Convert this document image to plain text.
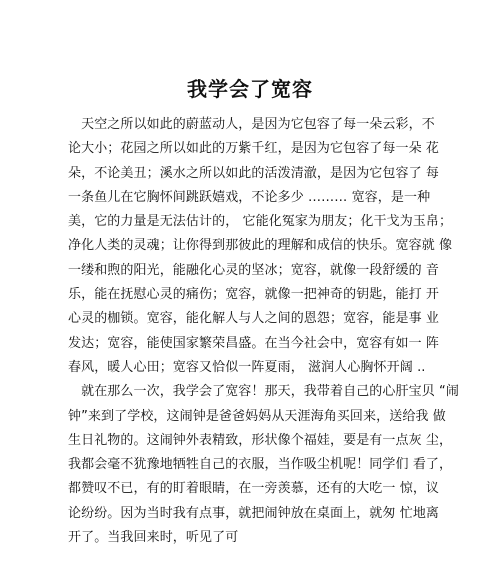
我学会了宽容
　天空之所以如此的蔚蓝动人，是因为它包容了每一朵云彩，不
论大小；花园之所以如此的万紫千红，是因为它包容了每一朵 花
朵，不论美丑；溪水之所以如此的活泼清澈，是因为它包容了 每
一条鱼儿在它胸怀间跳跃嬉戏，不论多少 ……… 宽容，是一种
美，它的力量是无法估计的， 它能化冤家为朋友；化干戈为玉帛；
净化人类的灵魂；让你得到那彼此的理解和成信的快乐。宽容就 像
一缕和煦的阳光，能融化心灵的坚冰；宽容，就像一段舒缓的 音
乐，能在抚慰心灵的痛伤；宽容，就像一把神奇的钥匙，能打 开
心灵的枷锁。宽容，能化解人与人之间的恩怨；宽容，能是事 业
发达；宽容，能使国家繁荣昌盛。在当今社会中，宽容有如一 阵
春风，暖人心田；宽容又恰似一阵夏雨， 滋润人心胸怀开阔 ..
　就在那么一次，我学会了宽容！那天，我带着自己的心肝宝贝 “闹
钟”来到了学校，这闹钟是爸爸妈妈从天涯海角买回来，送给我 做
生日礼物的。这闹钟外表精致，形状像个福娃，要是有一点灰 尘，
我都会毫不犹豫地牺牲自己的衣服，当作吸尘机呢！同学们 看了，
都赞叹不已，有的盯着眼睛，在一旁羡慕，还有的大吃一 惊，议
论纷纷。因为当时我有点事，就把闹钟放在桌面上，就匆 忙地离
开了。当我回来时，听见了可
